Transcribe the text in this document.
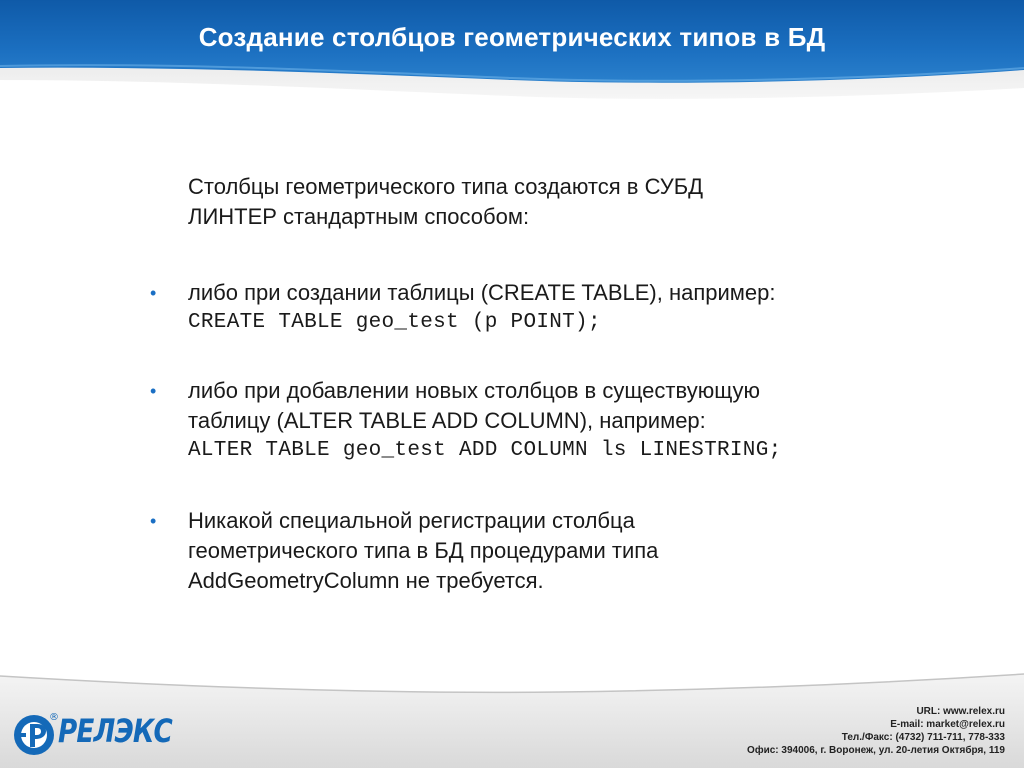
Создание столбцов геометрических типов в БД
Столбцы геометрического типа создаются в СУБД
ЛИНТЕР стандартным способом:
• либо при создании таблицы (CREATE TABLE), например:
CREATE TABLE geo_test (p POINT);
• либо при добавлении новых столбцов в существующую
таблицу (ALTER TABLE ADD COLUMN), например:
ALTER TABLE geo_test ADD COLUMN ls LINESTRING;
• Никакой специальной регистрации столбца
геометрического типа в БД процедурами типа
AddGeometryColumn не требуется.
® РЕЛЭКС
URL: www.relex.ru
E-mail: market@relex.ru
Тел./Факс: (4732) 711-711, 778-333
Офис: 394006, г. Воронеж, ул. 20-летия Октября, 119
